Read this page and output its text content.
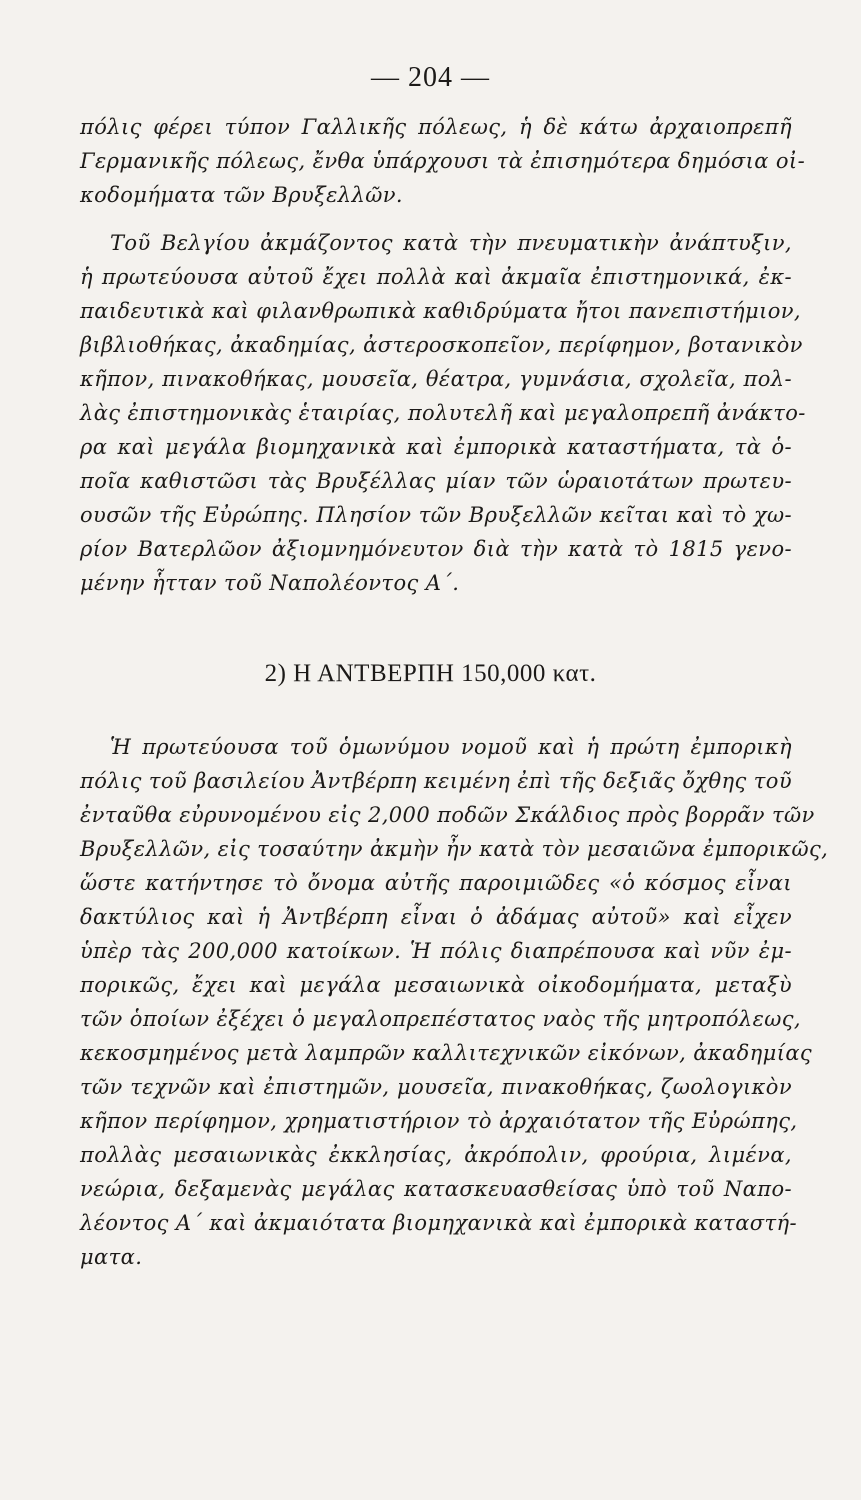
— 204 —
πόλις φέρει τύπον Γαλλικῆς πόλεως, ἡ δὲ κάτω ἀρχαιοπρεπῆ
Γερμανικῆς πόλεως, ἔνθα ὑπάρχουσι τὰ ἐπισημότερα δημόσια οἰ-
κοδομήματα τῶν Βρυξελλῶν.
Τοῦ Βελγίου ἀκμάζοντος κατὰ τὴν πνευματικὴν ἀνάπτυξιν,
ἡ πρωτεύουσα αὐτοῦ ἔχει πολλὰ καὶ ἀκμαῖα ἐπιστημονικά, ἐκ-
παιδευτικὰ καὶ φιλανθρωπικὰ καθιδρύματα ἤτοι πανεπιστήμιον,
βιβλιοθήκας, ἀκαδημίας, ἀστεροσκοπεῖον, περίφημον, βοτανικὸν
κῆπον, πινακοθήκας, μουσεῖα, θέατρα, γυμνάσια, σχολεῖα, πολ-
λὰς ἐπιστημονικὰς ἑταιρίας, πολυτελῆ καὶ μεγαλοπρεπῆ ἀνάκτο-
ρα καὶ μεγάλα βιομηχανικὰ καὶ ἐμπορικὰ καταστήματα, τὰ ὁ-
ποῖα καθιστῶσι τὰς Βρυξέλλας μίαν τῶν ὡραιοτάτων πρωτευ-
ουσῶν τῆς Εὐρώπης. Πλησίον τῶν Βρυξελλῶν κεῖται καὶ τὸ χω-
ρίον Βατερλῶον ἀξιομνημόνευτον διὰ τὴν κατὰ τὸ 1815 γενο-
μένην ἧτταν τοῦ Ναπολέοντος Α΄.
2) Η ΑΝΤΒΕΡΠΗ 150,000 κατ.
Ἡ πρωτεύουσα τοῦ ὁμωνύμου νομοῦ καὶ ἡ πρώτη ἐμπορικὴ
πόλις τοῦ βασιλείου Ἀντβέρπη κειμένη ἐπὶ τῆς δεξιᾶς ὄχθης τοῦ
ἐνταῦθα εὐρυνομένου εἰς 2,000 ποδῶν Σκάλδιος πρὸς βορρᾶν τῶν
Βρυξελλῶν, εἰς τοσαύτην ἀκμὴν ἦν κατὰ τὸν μεσαιῶνα ἐμπορικῶς,
ὥστε κατήντησε τὸ ὄνομα αὐτῆς παροιμιῶδες «ὁ κόσμος εἶναι
δακτύλιος καὶ ἡ Ἀντβέρπη εἶναι ὁ ἀδάμας αὐτοῦ» καὶ εἶχεν
ὑπὲρ τὰς 200,000 κατοίκων. Ἡ πόλις διαπρέπουσα καὶ νῦν ἐμ-
πορικῶς, ἔχει καὶ μεγάλα μεσαιωνικὰ οἰκοδομήματα, μεταξὺ
τῶν ὁποίων ἐξέχει ὁ μεγαλοπρεπέστατος ναὸς τῆς μητροπόλεως,
κεκοσμημένος μετὰ λαμπρῶν καλλιτεχνικῶν εἰκόνων, ἀκαδημίας
τῶν τεχνῶν καὶ ἐπιστημῶν, μουσεῖα, πινακοθήκας, ζωολογικὸν
κῆπον περίφημον, χρηματιστήριον τὸ ἀρχαιότατον τῆς Εὐρώπης,
πολλὰς μεσαιωνικὰς ἐκκλησίας, ἀκρόπολιν, φρούρια, λιμένα,
νεώρια, δεξαμενὰς μεγάλας κατασκευασθείσας ὑπὸ τοῦ Ναπο-
λέοντος Α΄ καὶ ἀκμαιότατα βιομηχανικὰ καὶ ἐμπορικὰ καταστή-
ματα.
